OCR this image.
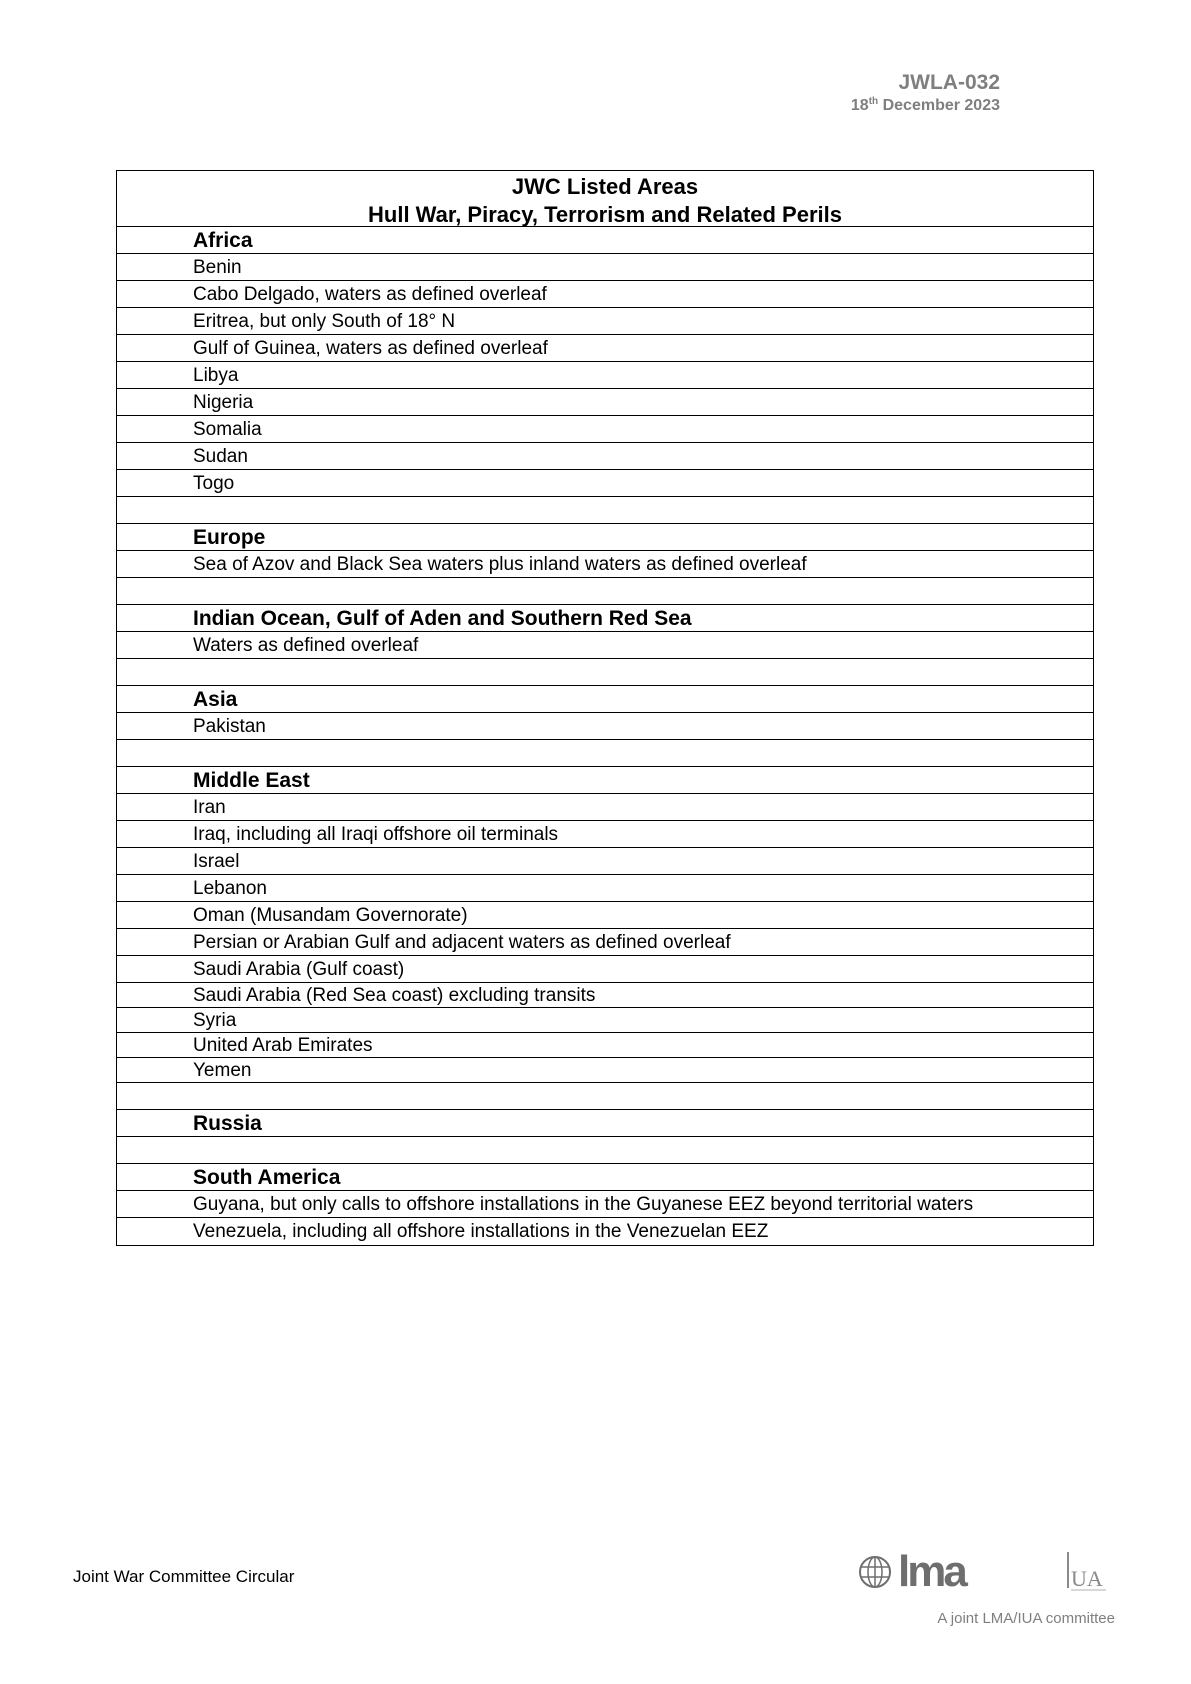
JWLA-032
18th December 2023
JWC Listed Areas
Hull War, Piracy, Terrorism and Related Perils
Africa
Benin
Cabo Delgado, waters as defined overleaf
Eritrea, but only South of 18° N
Gulf of Guinea, waters as defined overleaf
Libya
Nigeria
Somalia
Sudan
Togo
Europe
Sea of Azov and Black Sea waters plus inland waters as defined overleaf
Indian Ocean, Gulf of Aden and Southern Red Sea
Waters as defined overleaf
Asia
Pakistan
Middle East
Iran
Iraq, including all Iraqi offshore oil terminals
Israel
Lebanon
Oman (Musandam Governorate)
Persian or Arabian Gulf and adjacent waters as defined overleaf
Saudi Arabia (Gulf coast)
Saudi Arabia (Red Sea coast) excluding transits
Syria
United Arab Emirates
Yemen
Russia
South America
Guyana, but only calls to offshore installations in the Guyanese EEZ beyond territorial waters
Venezuela, including all offshore installations in the Venezuelan EEZ
Joint War Committee Circular	lma	UA
A joint LMA/IUA committee
